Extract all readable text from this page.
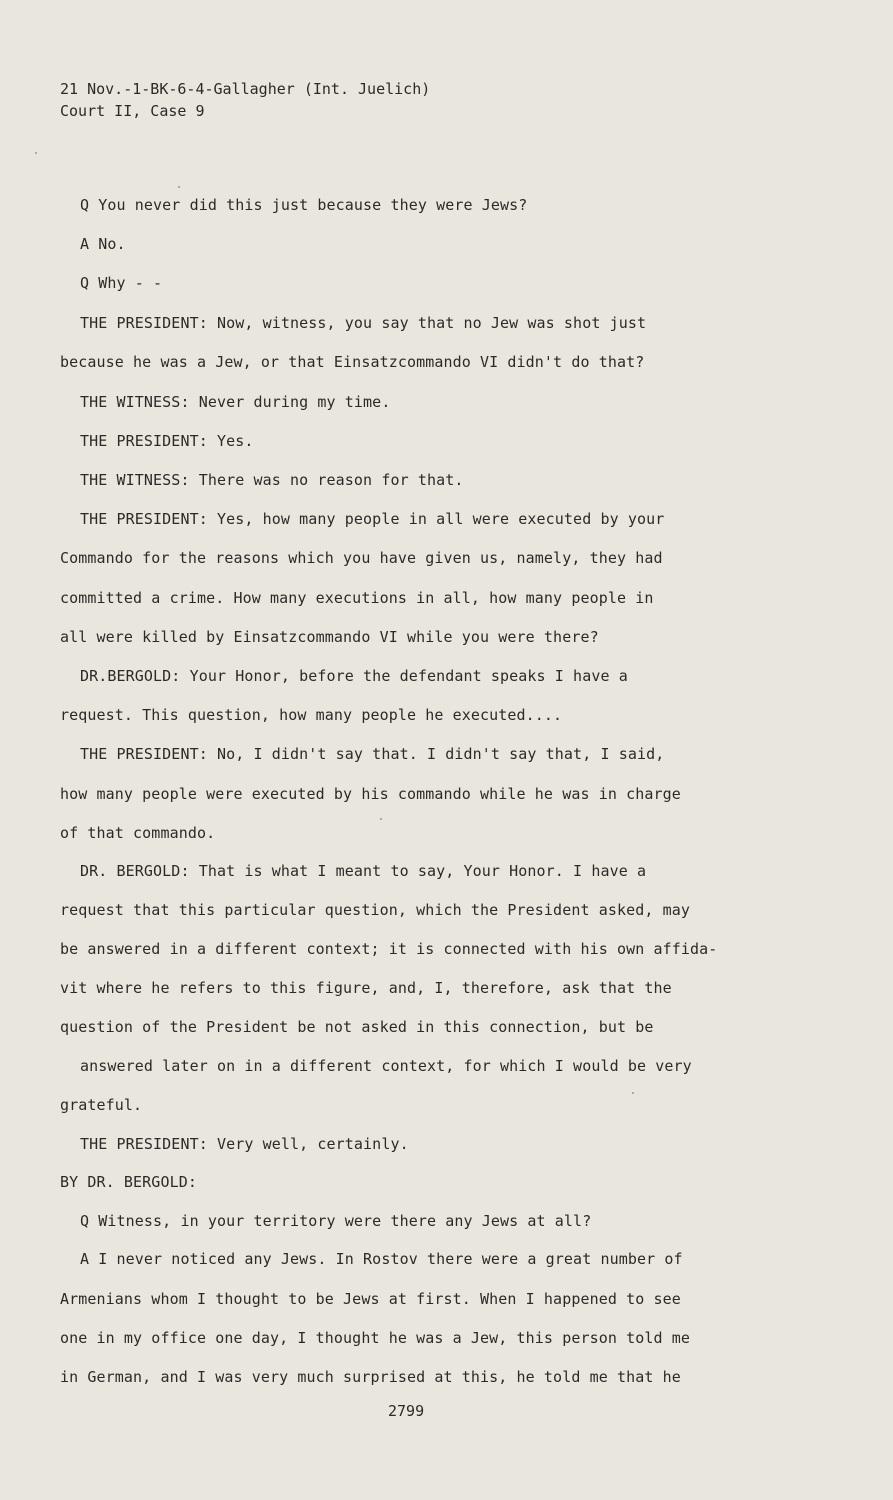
21 Nov.-1-BK-6-4-Gallagher (Int. Juelich)
Court II, Case 9
Q You never did this just because they were Jews?
A No.
Q Why - -
THE PRESIDENT: Now, witness, you say that no Jew was shot just
because he was a Jew, or that Einsatzcommando VI didn't do that?
THE WITNESS: Never during my time.
THE PRESIDENT: Yes.
THE WITNESS: There was no reason for that.
THE PRESIDENT: Yes, how many people in all were executed by your
Commando for the reasons which you have given us, namely, they had
committed a crime. How many executions in all, how many people in
all were killed by Einsatzcommando VI while you were there?
DR.BERGOLD: Your Honor, before the defendant speaks I have a
request. This question, how many people he executed....
THE PRESIDENT: No, I didn't say that. I didn't say that, I said,
how many people were executed by his commando while he was in charge
of that commando.
DR. BERGOLD: That is what I meant to say, Your Honor. I have a
request that this particular question, which the President asked, may
be answered in a different context; it is connected with his own affida-
vit where he refers to this figure, and, I, therefore, ask that the
question of the President be not asked in this connection, but be
answered later on in a different context, for which I would be very
grateful.
THE PRESIDENT: Very well, certainly.
BY DR. BERGOLD:
Q Witness, in your territory were there any Jews at all?
A I never noticed any Jews. In Rostov there were a great number of
Armenians whom I thought to be Jews at first. When I happened to see
one in my office one day, I thought he was a Jew, this person told me
in German, and I was very much surprised at this, he told me that he
2799
